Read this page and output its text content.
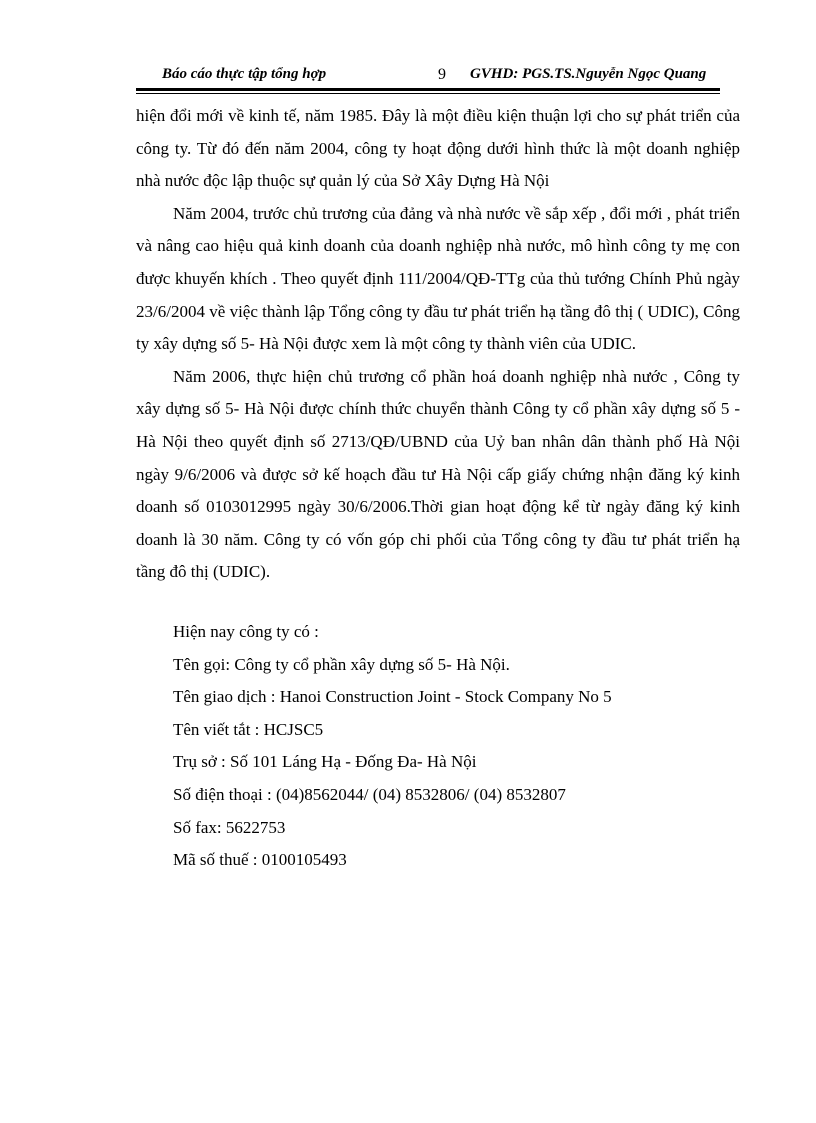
Báo cáo thực tập tổng hợp	9 GVHD: PGS.TS.Nguyễn Ngọc Quang

hiện đổi mới về kinh tế, năm 1985. Đây là một điều kiện thuận lợi cho sự phát triển của công ty. Từ đó đến năm 2004, công ty hoạt động dưới hình thức là một doanh nghiệp nhà nước độc lập thuộc sự quản lý của Sở Xây Dựng Hà Nội

Năm 2004, trước chủ trương của đảng và nhà nước về sắp xếp , đổi mới , phát triển và nâng cao hiệu quả kinh doanh của doanh nghiệp nhà nước, mô hình công ty mẹ con được khuyến khích . Theo quyết định 111/2004/QĐ-TTg của thủ tướng Chính Phủ ngày 23/6/2004 về việc thành lập Tổng công ty đầu tư phát triển hạ tầng đô thị ( UDIC), Công ty xây dựng số 5- Hà Nội được xem là một công ty thành viên của UDIC.

Năm 2006, thực hiện chủ trương cổ phần hoá doanh nghiệp nhà nước , Công ty xây dựng số 5- Hà Nội được chính thức chuyển thành Công ty cổ phần xây dựng số 5 - Hà Nội theo quyết định số 2713/QĐ/UBND của Uỷ ban nhân dân thành phố Hà Nội ngày 9/6/2006 và được sở kế hoạch đầu tư Hà Nội cấp giấy chứng nhận đăng ký kinh doanh số 0103012995 ngày 30/6/2006.Thời gian hoạt động kể từ ngày đăng ký kinh doanh là 30 năm. Công ty có vốn góp chi phối của Tổng công ty đầu tư phát triển hạ tầng đô thị (UDIC).

Hiện nay công ty có :
Tên gọi: Công ty cổ phần xây dựng số 5- Hà Nội.
Tên giao dịch : Hanoi Construction Joint - Stock Company No 5
Tên viết tắt : HCJSC5
Trụ sở : Số 101 Láng Hạ - Đống Đa- Hà Nội
Số điện thoại : (04)8562044/ (04) 8532806/ (04) 8532807
Số fax: 5622753
Mã số thuế : 0100105493
